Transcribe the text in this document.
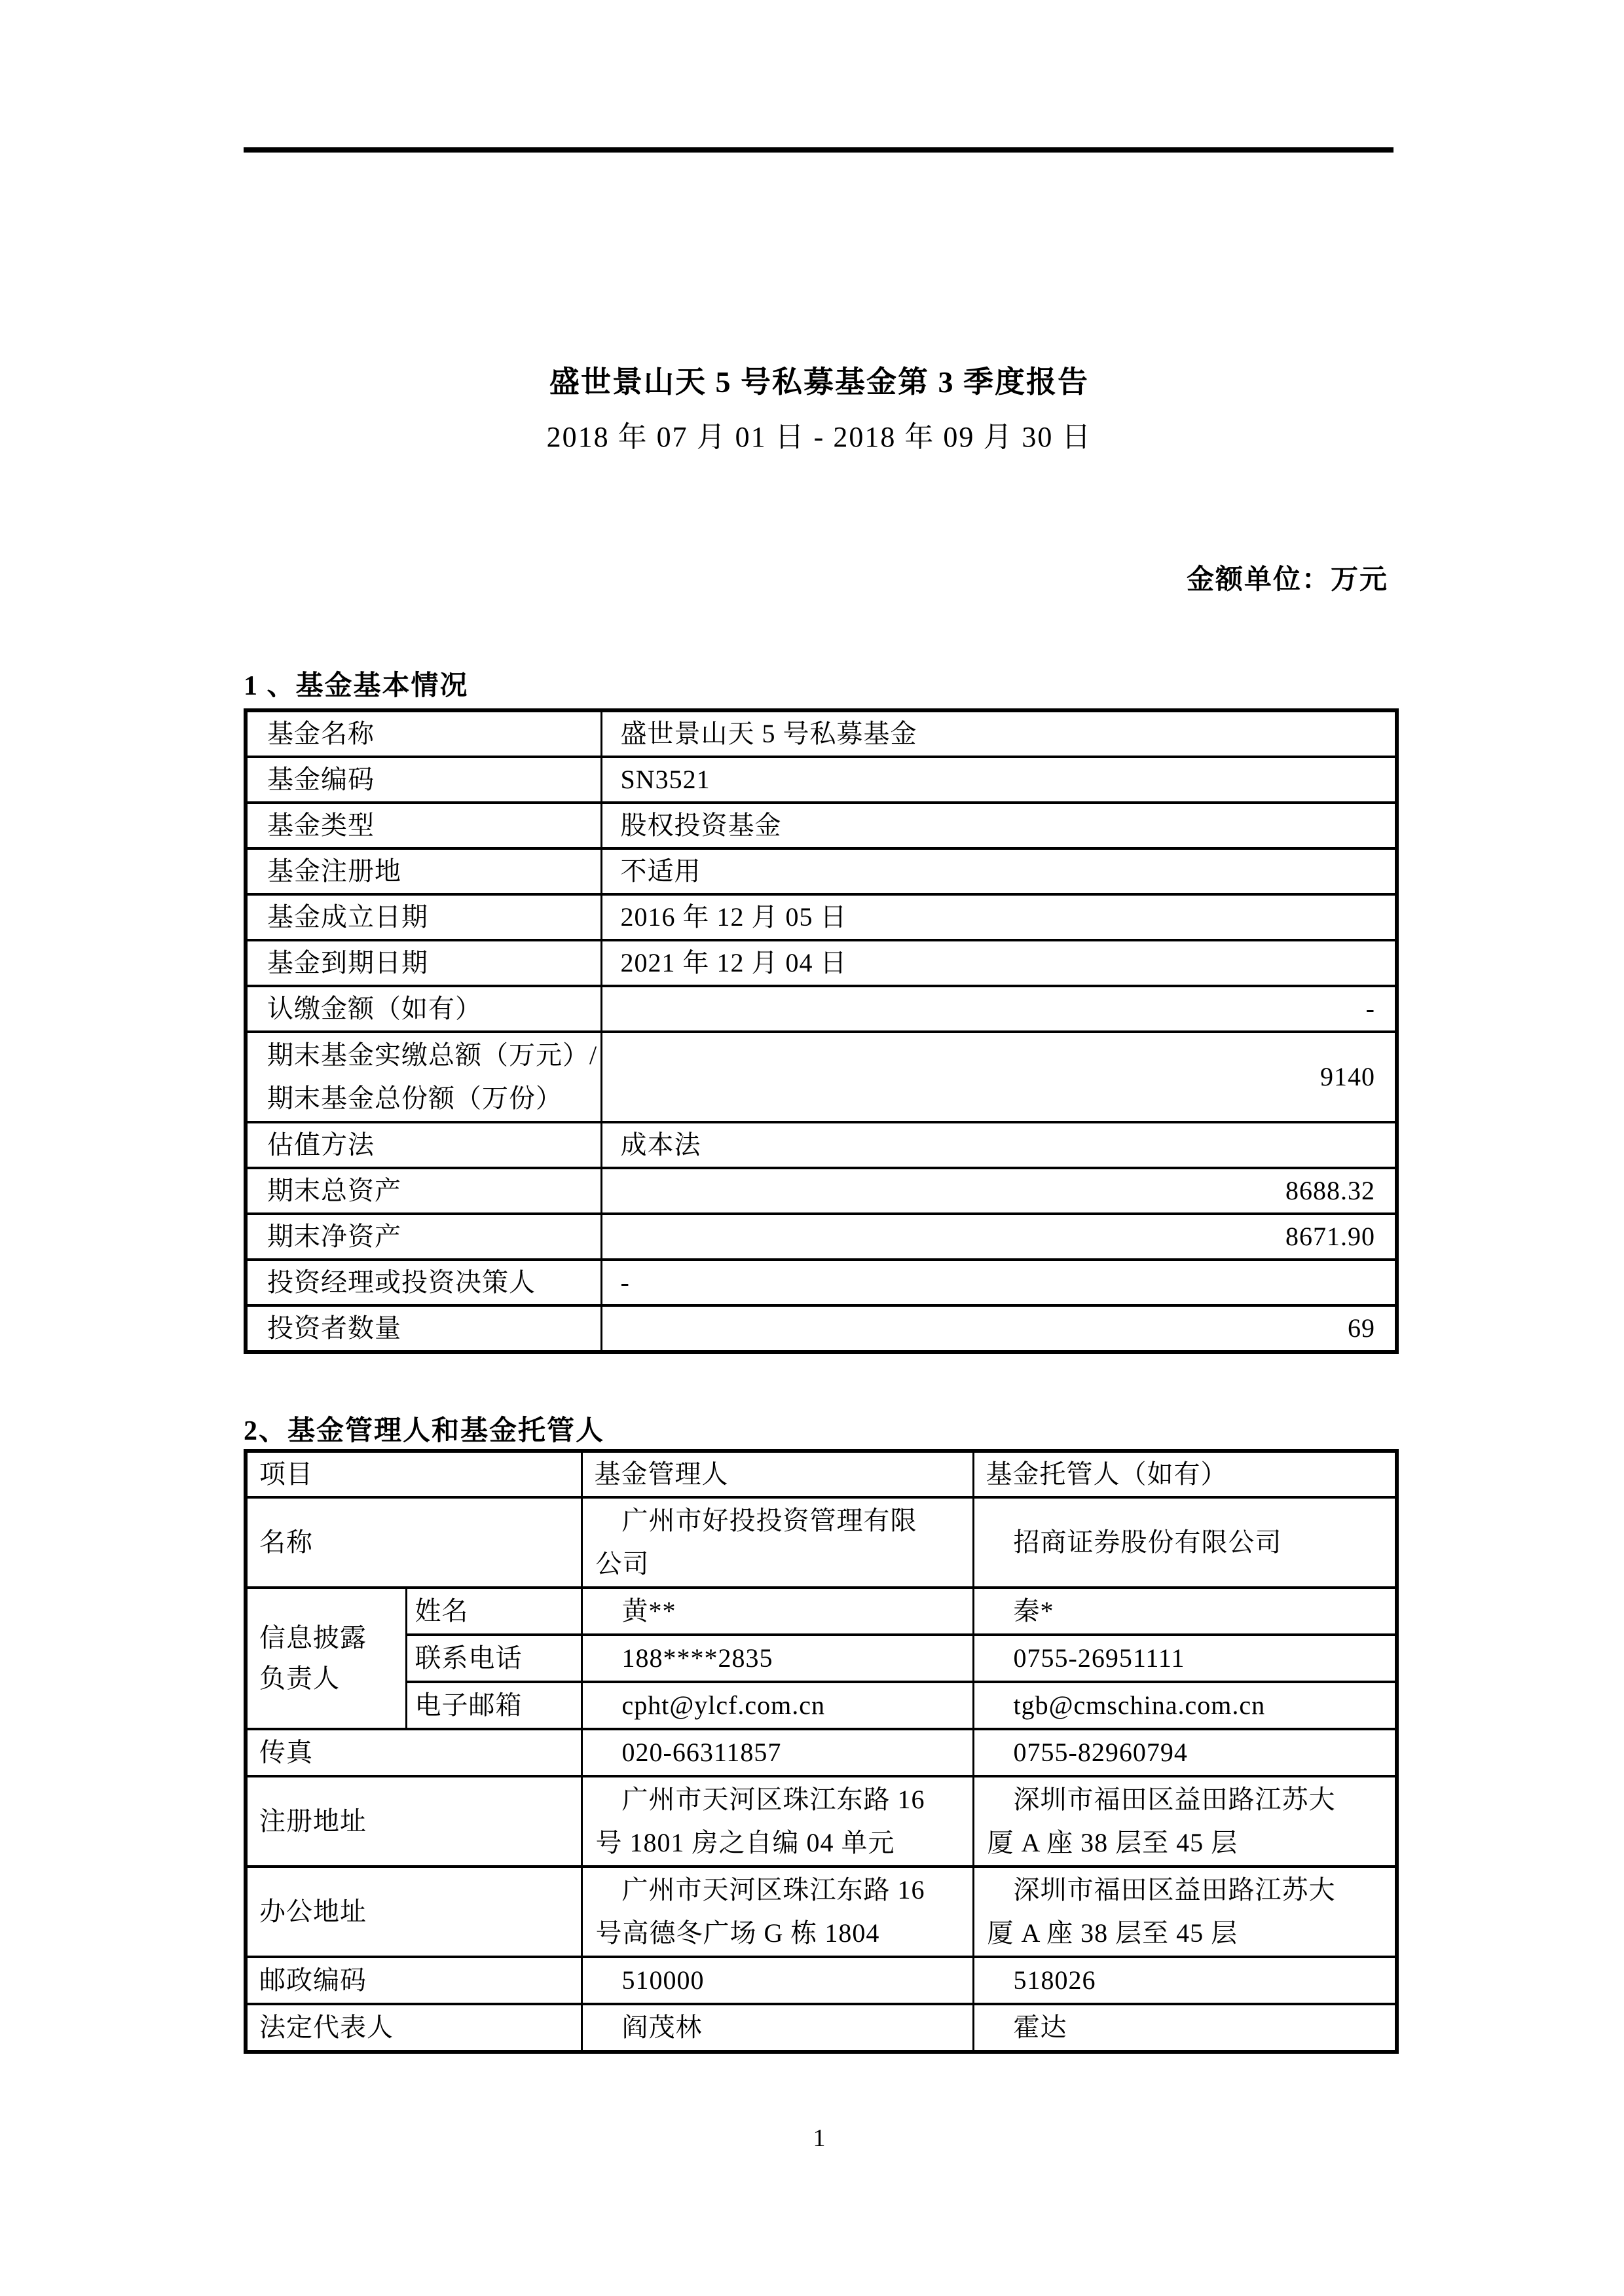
盛世景山天 5 号私募基金第 3 季度报告
2018 年 07 月 01 日 - 2018 年 09 月 30 日
金额单位：万元
1 、基金基本情况
基金名称	盛世景山天 5 号私募基金
基金编码	SN3521
基金类型	股权投资基金
基金注册地	不适用
基金成立日期	2016 年 12 月 05 日
基金到期日期	2021 年 12 月 04 日
认缴金额（如有）	-

期末基金实缴总额（万元）/期末基金总份额（万份）	9140
估值方法	成本法
期末总资产	8688.32
期末净资产	8671.90
投资经理或投资决策人	-
投资者数量	69
2、基金管理人和基金托管人
项目		基金管理人	基金托管人（如有）
名称		广州市好投投资管理有限公司	招商证券股份有限公司

信息披露负责人	姓名	黄**	秦*

	联系电话	188****2835	0755-26951111

	电子邮箱	cpht@ylcf.com.cn	tgb@cmschina.com.cn

传真		020-66311857	0755-82960794

注册地址		广州市天河区珠江东路 16 号 1801 房之自编 04 单元	深圳市福田区益田路江苏大厦 A 座 38 层至 45 层

办公地址		广州市天河区珠江东路 16 号高德冬广场 G 栋 1804	深圳市福田区益田路江苏大厦 A 座 38 层至 45 层

邮政编码		510000	518026

法定代表人		阎茂林	霍达
1
